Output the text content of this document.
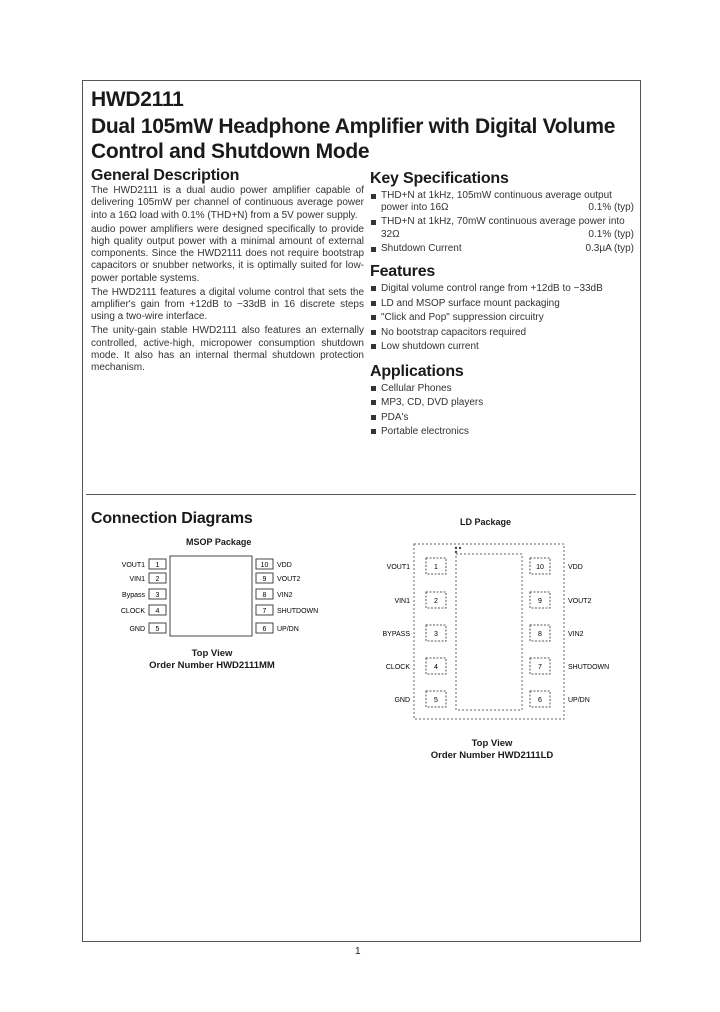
HWD2111
Dual 105mW Headphone Amplifier with Digital Volume Control and Shutdown Mode
General Description

The HWD2111 is a dual audio power amplifier capable of delivering 105mW per channel of continuous average power into a 16Ω load with 0.1% (THD+N) from a 5V power supply.

audio power amplifiers were designed specifically to provide high quality output power with a minimal amount of external components. Since the HWD2111 does not require bootstrap capacitors or snubber networks, it is optimally suited for low-power portable systems.

The HWD2111 features a digital volume control that sets the amplifier's gain from +12dB to −33dB in 16 discrete steps using a two-wire interface.

The unity-gain stable HWD2111 also features an externally controlled, active-high, micropower consumption shutdown mode. It also has an internal thermal shutdown protection mechanism.

Key Specifications
THD+N at 1kHz, 105mW continuous average output power into 16Ω	0.1% (typ)
THD+N at 1kHz, 70mW continuous average power into 32Ω	0.1% (typ)
Shutdown Current	0.3µA (typ)
Features
Digital volume control range from +12dB to −33dB
LD and MSOP surface mount packaging
"Click and Pop" suppression circuitry
No bootstrap capacitors required
Low shutdown current
Applications
Cellular Phones
MP3, CD, DVD players
PDA's
Portable electronics
Connection Diagrams
MSOP Package
1
VOUT1
2
VIN1
3
Bypass
4
CLOCK
5
GND
10 VDD
9 VOUT2
8 VIN2
7 SHUTDOWN
6 UP/DN
Top View
Order Number HWD2111MM
LD Package
1
VOUT1
2
VIN1
3
BYPASS
4
CLOCK
5
GND
10	VDD
9	VOUT2
8	VIN2
7	SHUTDOWN
6	UP/DN
Top View
Order Number HWD2111LD
1
